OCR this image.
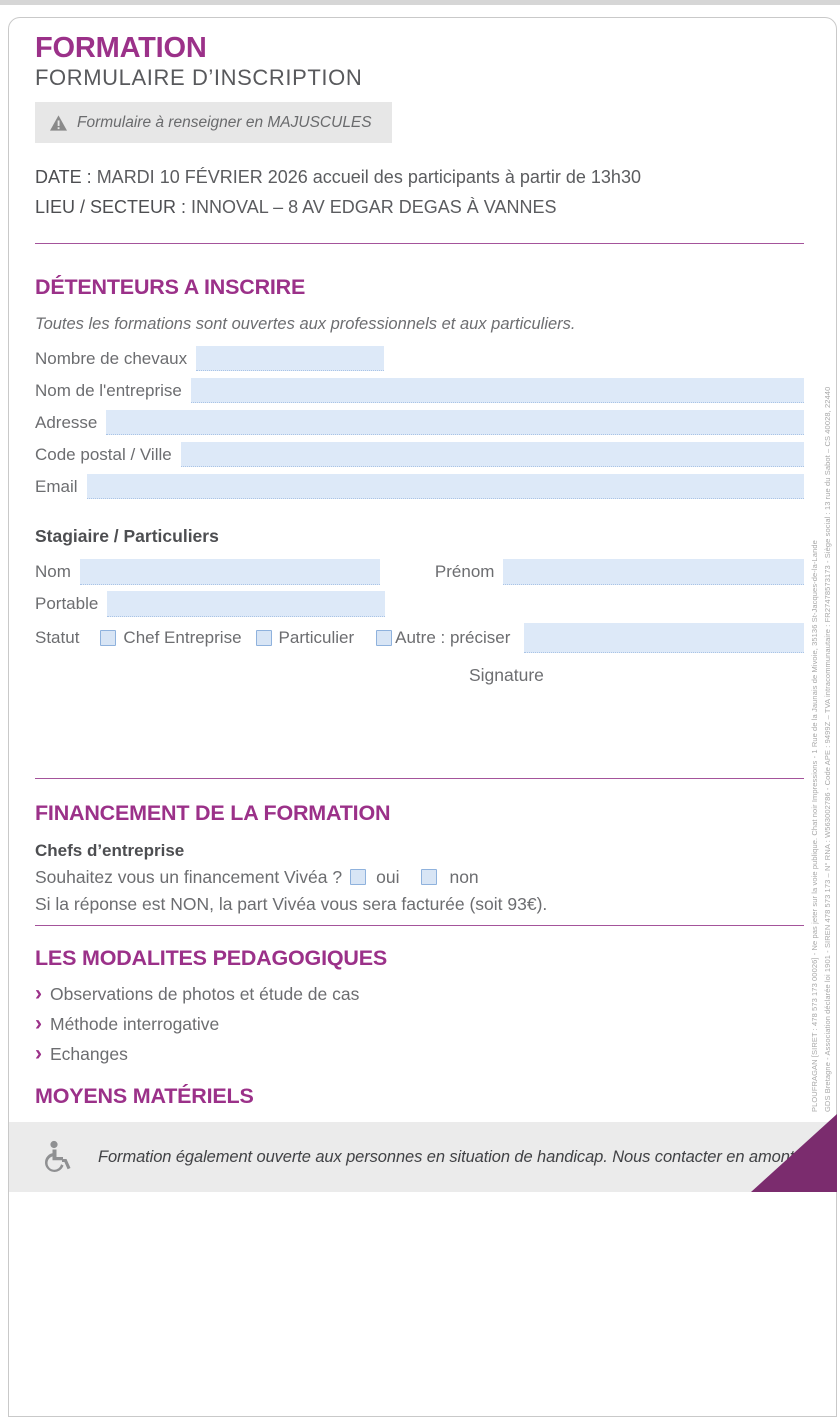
FORMATION
FORMULAIRE D’INSCRIPTION
Formulaire à renseigner en MAJUSCULES
DATE : MARDI 10 FÉVRIER 2026 accueil des participants à partir de 13h30
LIEU / SECTEUR : INNOVAL – 8 AV EDGAR DEGAS À VANNES
DÉTENTEURS A INSCRIRE
Toutes les formations sont ouvertes aux professionnels et aux particuliers.
Nombre de chevaux
Nom de l'entreprise
Adresse
Code postal / Ville
Email
Stagiaire / Particuliers
Nom	Prénom
Portable
Statut	Chef Entreprise Particulier Autre : préciser
Signature
FINANCEMENT DE LA FORMATION
Chefs d’entreprise
Souhaitez vous un financement Vivéa ? oui	non
Si la réponse est NON, la part Vivéa vous sera facturée (soit 93€).
LES MODALITES PEDAGOGIQUES
› Observations de photos et étude de cas
› Méthode interrogative
› Echanges
MOYENS MATÉRIELS	GDS Bretagne - Association déclarée loi 1901 - SIREN 478 573 173 – N° RNA : W563002786 - Code APE : 9499Z – TVA intracommunautaire : FR27478573173 - Siège social : 13 rue du Sabot – CS 40028, 22440
PLOUFRAGAN [SIRET : 478 573 173 00026] - Ne pas jeter sur la voie publique. Chat noir Impressions - 1 Rue de la Jaunais de Mivoie, 35136 St-Jacques-de-la-Lande
Formation également ouverte aux personnes en situation de handicap. Nous contacter en amont.
